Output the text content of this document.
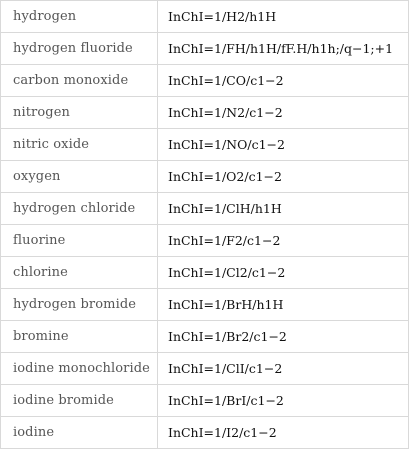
hydrogen	InChI=1/H2/h1H
hydrogen fluoride	InChI=1/FH/h1H/fF.H/h1h;/q−1;+1
carbon monoxide	InChI=1/CO/c1−2
nitrogen	InChI=1/N2/c1−2
nitric oxide	InChI=1/NO/c1−2
oxygen	InChI=1/O2/c1−2
hydrogen chloride	InChI=1/ClH/h1H
fluorine	InChI=1/F2/c1−2
chlorine	InChI=1/Cl2/c1−2
hydrogen bromide	InChI=1/BrH/h1H
bromine	InChI=1/Br2/c1−2
iodine monochloride	InChI=1/ClI/c1−2
iodine bromide	InChI=1/BrI/c1−2
iodine	InChI=1/I2/c1−2
